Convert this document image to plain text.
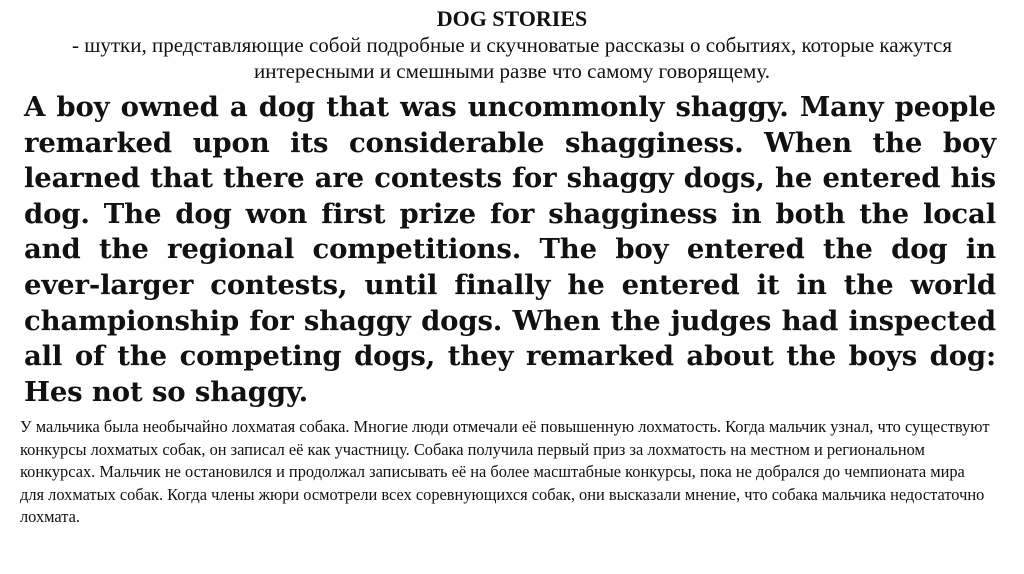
DOG STORIES

- шутки, представляющие собой подробные и скучноватые рассказы о событиях, которые кажутся интересными и смешными разве что самому говорящему.

A boy owned a dog that was uncommonly shaggy. Many people remarked upon its considerable shagginess. When the boy learned that there are contests for shaggy dogs, he entered his dog. The dog won first prize for shagginess in both the local and the regional competitions. The boy entered the dog in ever-larger contests, until finally he entered it in the world championship for shaggy dogs. When the judges had inspected all of the competing dogs, they remarked about the boys dog: Hes not so shaggy.

У мальчика была необычайно лохматая собака. Многие люди отмечали её повышенную лохматость. Когда мальчик узнал, что существуют конкурсы лохматых собак, он записал её как участницу. Собака получила первый приз за лохматость на местном и региональном конкурсах. Мальчик не остановился и продолжал записывать её на более масштабные конкурсы, пока не добрался до чемпионата мира для лохматых собак. Когда члены жюри осмотрели всех соревнующихся собак, они высказали мнение, что собака мальчика недостаточно лохмата.
